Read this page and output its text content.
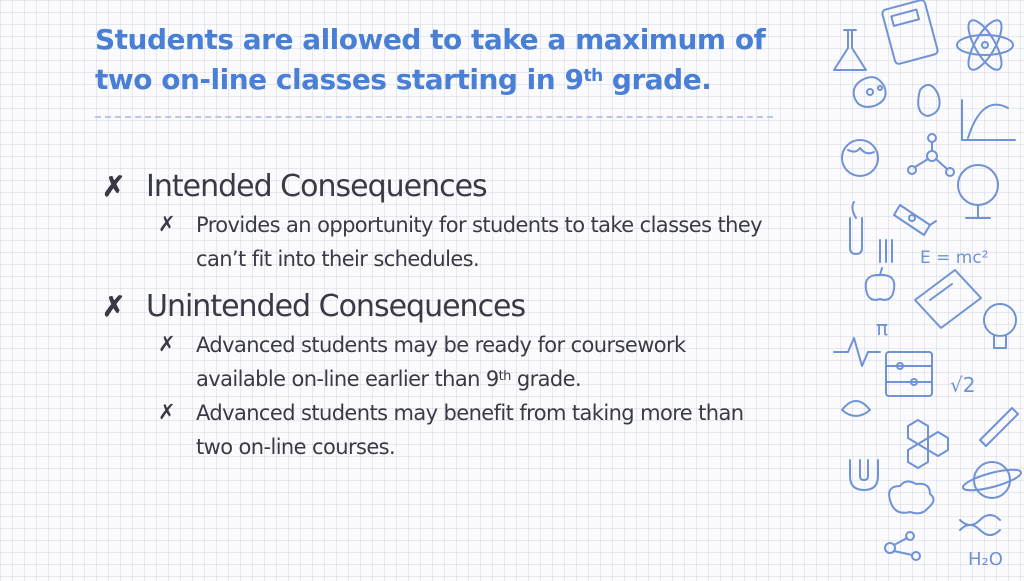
Students are allowed to take a maximum of
two on-line classes starting in 9th grade.
✗ Intended Consequences
✗ Provides an opportunity for students to take classes they can’t fit into their schedules.
✗ Unintended Consequences
✗ Advanced students may be ready for coursework available on-line earlier than 9th grade.
✗ Advanced students may benefit from taking more than two on-line courses.
E = mc²
π
√2
H₂O
